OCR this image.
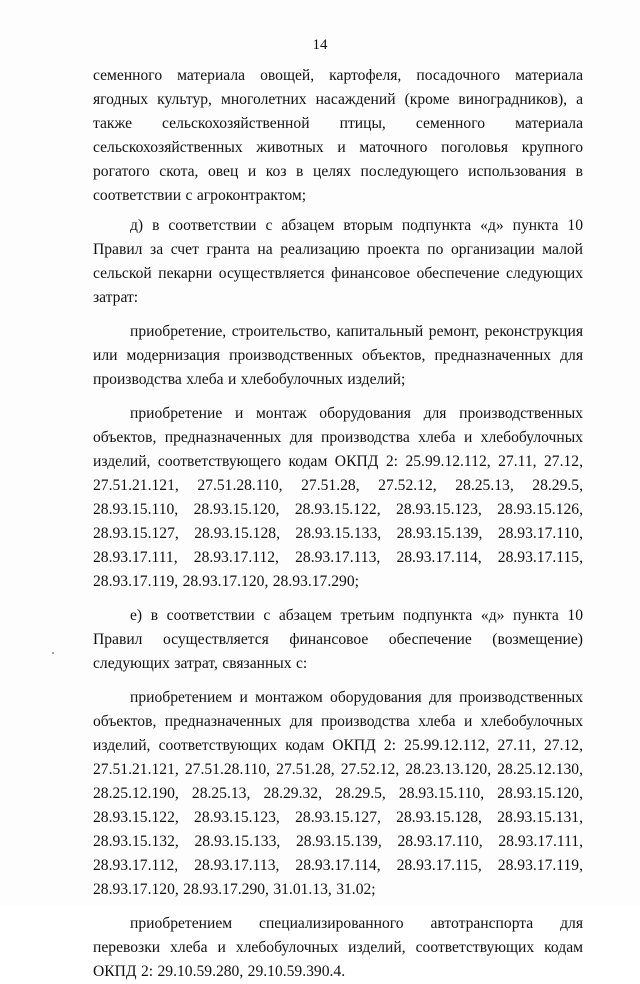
14

семенного материала овощей, картофеля, посадочного материала ягодных культур, многолетних насаждений (кроме виноградников), а также сельскохозяйственной птицы, семенного материала сельскохозяйственных животных и маточного поголовья крупного рогатого скота, овец и коз в целях последующего использования в соответствии с агроконтрактом;

д) в соответствии с абзацем вторым подпункта «д» пункта 10 Правил за счет гранта на реализацию проекта по организации малой сельской пекарни осуществляется финансовое обеспечение следующих затрат:

приобретение, строительство, капитальный ремонт, реконструкция или модернизация производственных объектов, предназначенных для производства хлеба и хлебобулочных изделий;

приобретение и монтаж оборудования для производственных объектов, предназначенных для производства хлеба и хлебобулочных изделий, соответствующего кодам ОКПД 2: 25.99.12.112, 27.11, 27.12, 27.51.21.121, 27.51.28.110, 27.51.28, 27.52.12, 28.25.13, 28.29.5, 28.93.15.110, 28.93.15.120, 28.93.15.122, 28.93.15.123, 28.93.15.126, 28.93.15.127, 28.93.15.128, 28.93.15.133, 28.93.15.139, 28.93.17.110, 28.93.17.111, 28.93.17.112, 28.93.17.113, 28.93.17.114, 28.93.17.115, 28.93.17.119, 28.93.17.120, 28.93.17.290;

е) в соответствии с абзацем третьим подпункта «д» пункта 10 Правил осуществляется финансовое обеспечение (возмещение) следующих затрат, связанных с:

приобретением и монтажом оборудования для производственных объектов, предназначенных для производства хлеба и хлебобулочных изделий, соответствующих кодам ОКПД 2: 25.99.12.112, 27.11, 27.12, 27.51.21.121, 27.51.28.110, 27.51.28, 27.52.12, 28.23.13.120, 28.25.12.130, 28.25.12.190, 28.25.13, 28.29.32, 28.29.5, 28.93.15.110, 28.93.15.120, 28.93.15.122, 28.93.15.123, 28.93.15.127, 28.93.15.128, 28.93.15.131, 28.93.15.132, 28.93.15.133, 28.93.15.139, 28.93.17.110, 28.93.17.111, 28.93.17.112, 28.93.17.113, 28.93.17.114, 28.93.17.115, 28.93.17.119, 28.93.17.120, 28.93.17.290, 31.01.13, 31.02;

приобретением специализированного автотранспорта для перевозки хлеба и хлебобулочных изделий, соответствующих кодам ОКПД 2: 29.10.59.280, 29.10.59.390.4.
